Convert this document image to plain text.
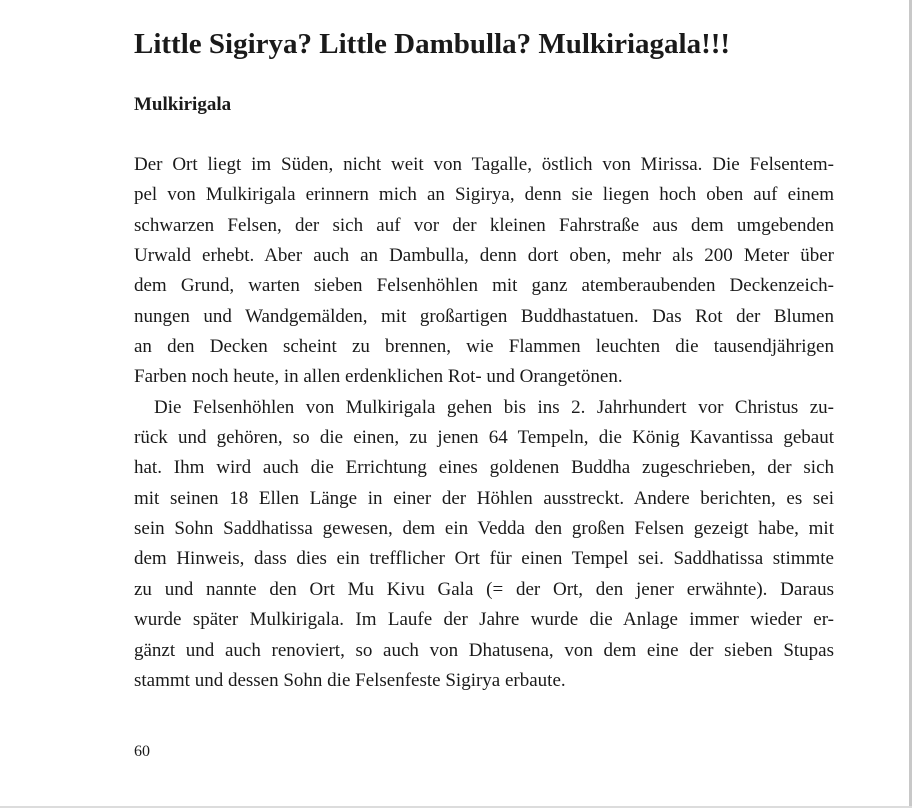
Little Sigirya? Little Dambulla? Mulkiriagala!!!
Mulkirigala
Der Ort liegt im Süden, nicht weit von Tagalle, östlich von Mirissa. Die Felsentem-
pel von Mulkirigala erinnern mich an Sigirya, denn sie liegen hoch oben auf einem
schwarzen Felsen, der sich auf vor der kleinen Fahrstraße aus dem umgebenden
Urwald erhebt. Aber auch an Dambulla, denn dort oben, mehr als 200 Meter über
dem Grund, warten sieben Felsenhöhlen mit ganz atemberaubenden Deckenzeich-
nungen und Wandgemälden, mit großartigen Buddhastatuen. Das Rot der Blumen
an den Decken scheint zu brennen, wie Flammen leuchten die tausendjährigen
Farben noch heute, in allen erdenklichen Rot- und Orangetönen.
Die Felsenhöhlen von Mulkirigala gehen bis ins 2. Jahrhundert vor Christus zu-
rück und gehören, so die einen, zu jenen 64 Tempeln, die König Kavantissa gebaut
hat. Ihm wird auch die Errichtung eines goldenen Buddha zugeschrieben, der sich
mit seinen 18 Ellen Länge in einer der Höhlen ausstreckt. Andere berichten, es sei
sein Sohn Saddhatissa gewesen, dem ein Vedda den großen Felsen gezeigt habe, mit
dem Hinweis, dass dies ein trefflicher Ort für einen Tempel sei. Saddhatissa stimmte
zu und nannte den Ort Mu Kivu Gala (= der Ort, den jener erwähnte). Daraus
wurde später Mulkirigala. Im Laufe der Jahre wurde die Anlage immer wieder er-
gänzt und auch renoviert, so auch von Dhatusena, von dem eine der sieben Stupas
stammt und dessen Sohn die Felsenfeste Sigirya erbaute.
60
